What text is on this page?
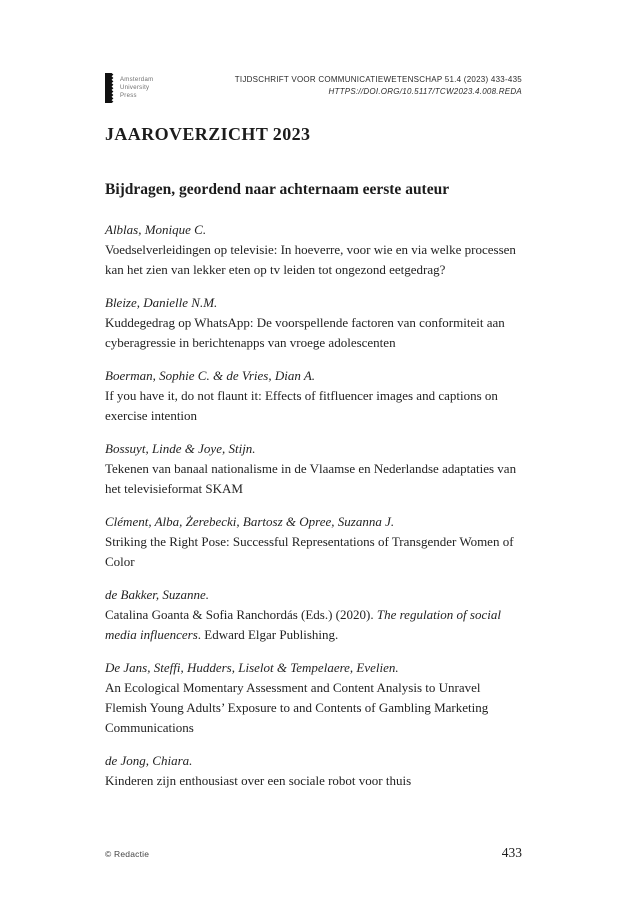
Amsterdam
University
Press
TIJDSCHRIFT VOOR COMMUNICATIEWETENSCHAP 51.4 (2023) 433-435
HTTPS://DOI.ORG/10.5117/TCW2023.4.008.REDA
JAAROVERZICHT 2023
Bijdragen, geordend naar achternaam eerste auteur
Alblas, Monique C.
Voedselverleidingen op televisie: In hoeverre, voor wie en via welke processen kan het zien van lekker eten op tv leiden tot ongezond eetgedrag?
Bleize, Danielle N.M.
Kuddegedrag op WhatsApp: De voorspellende factoren van conformiteit aan cyberagressie in berichtenapps van vroege adolescenten
Boerman, Sophie C. & de Vries, Dian A.
If you have it, do not flaunt it: Effects of fitfluencer images and captions on exercise intention
Bossuyt, Linde & Joye, Stijn.
Tekenen van banaal nationalisme in de Vlaamse en Nederlandse adaptaties van het televisieformat SKAM
Clément, Alba, Żerebecki, Bartosz & Opree, Suzanna J.
Striking the Right Pose: Successful Representations of Transgender Women of Color
de Bakker, Suzanne.
Catalina Goanta & Sofia Ranchordás (Eds.) (2020). The regulation of social media influencers. Edward Elgar Publishing.
De Jans, Steffi, Hudders, Liselot & Tempelaere, Evelien.
An Ecological Momentary Assessment and Content Analysis to Unravel Flemish Young Adults’ Exposure to and Contents of Gambling Marketing Communications
de Jong, Chiara.
Kinderen zijn enthousiast over een sociale robot voor thuis
© Redactie	433
